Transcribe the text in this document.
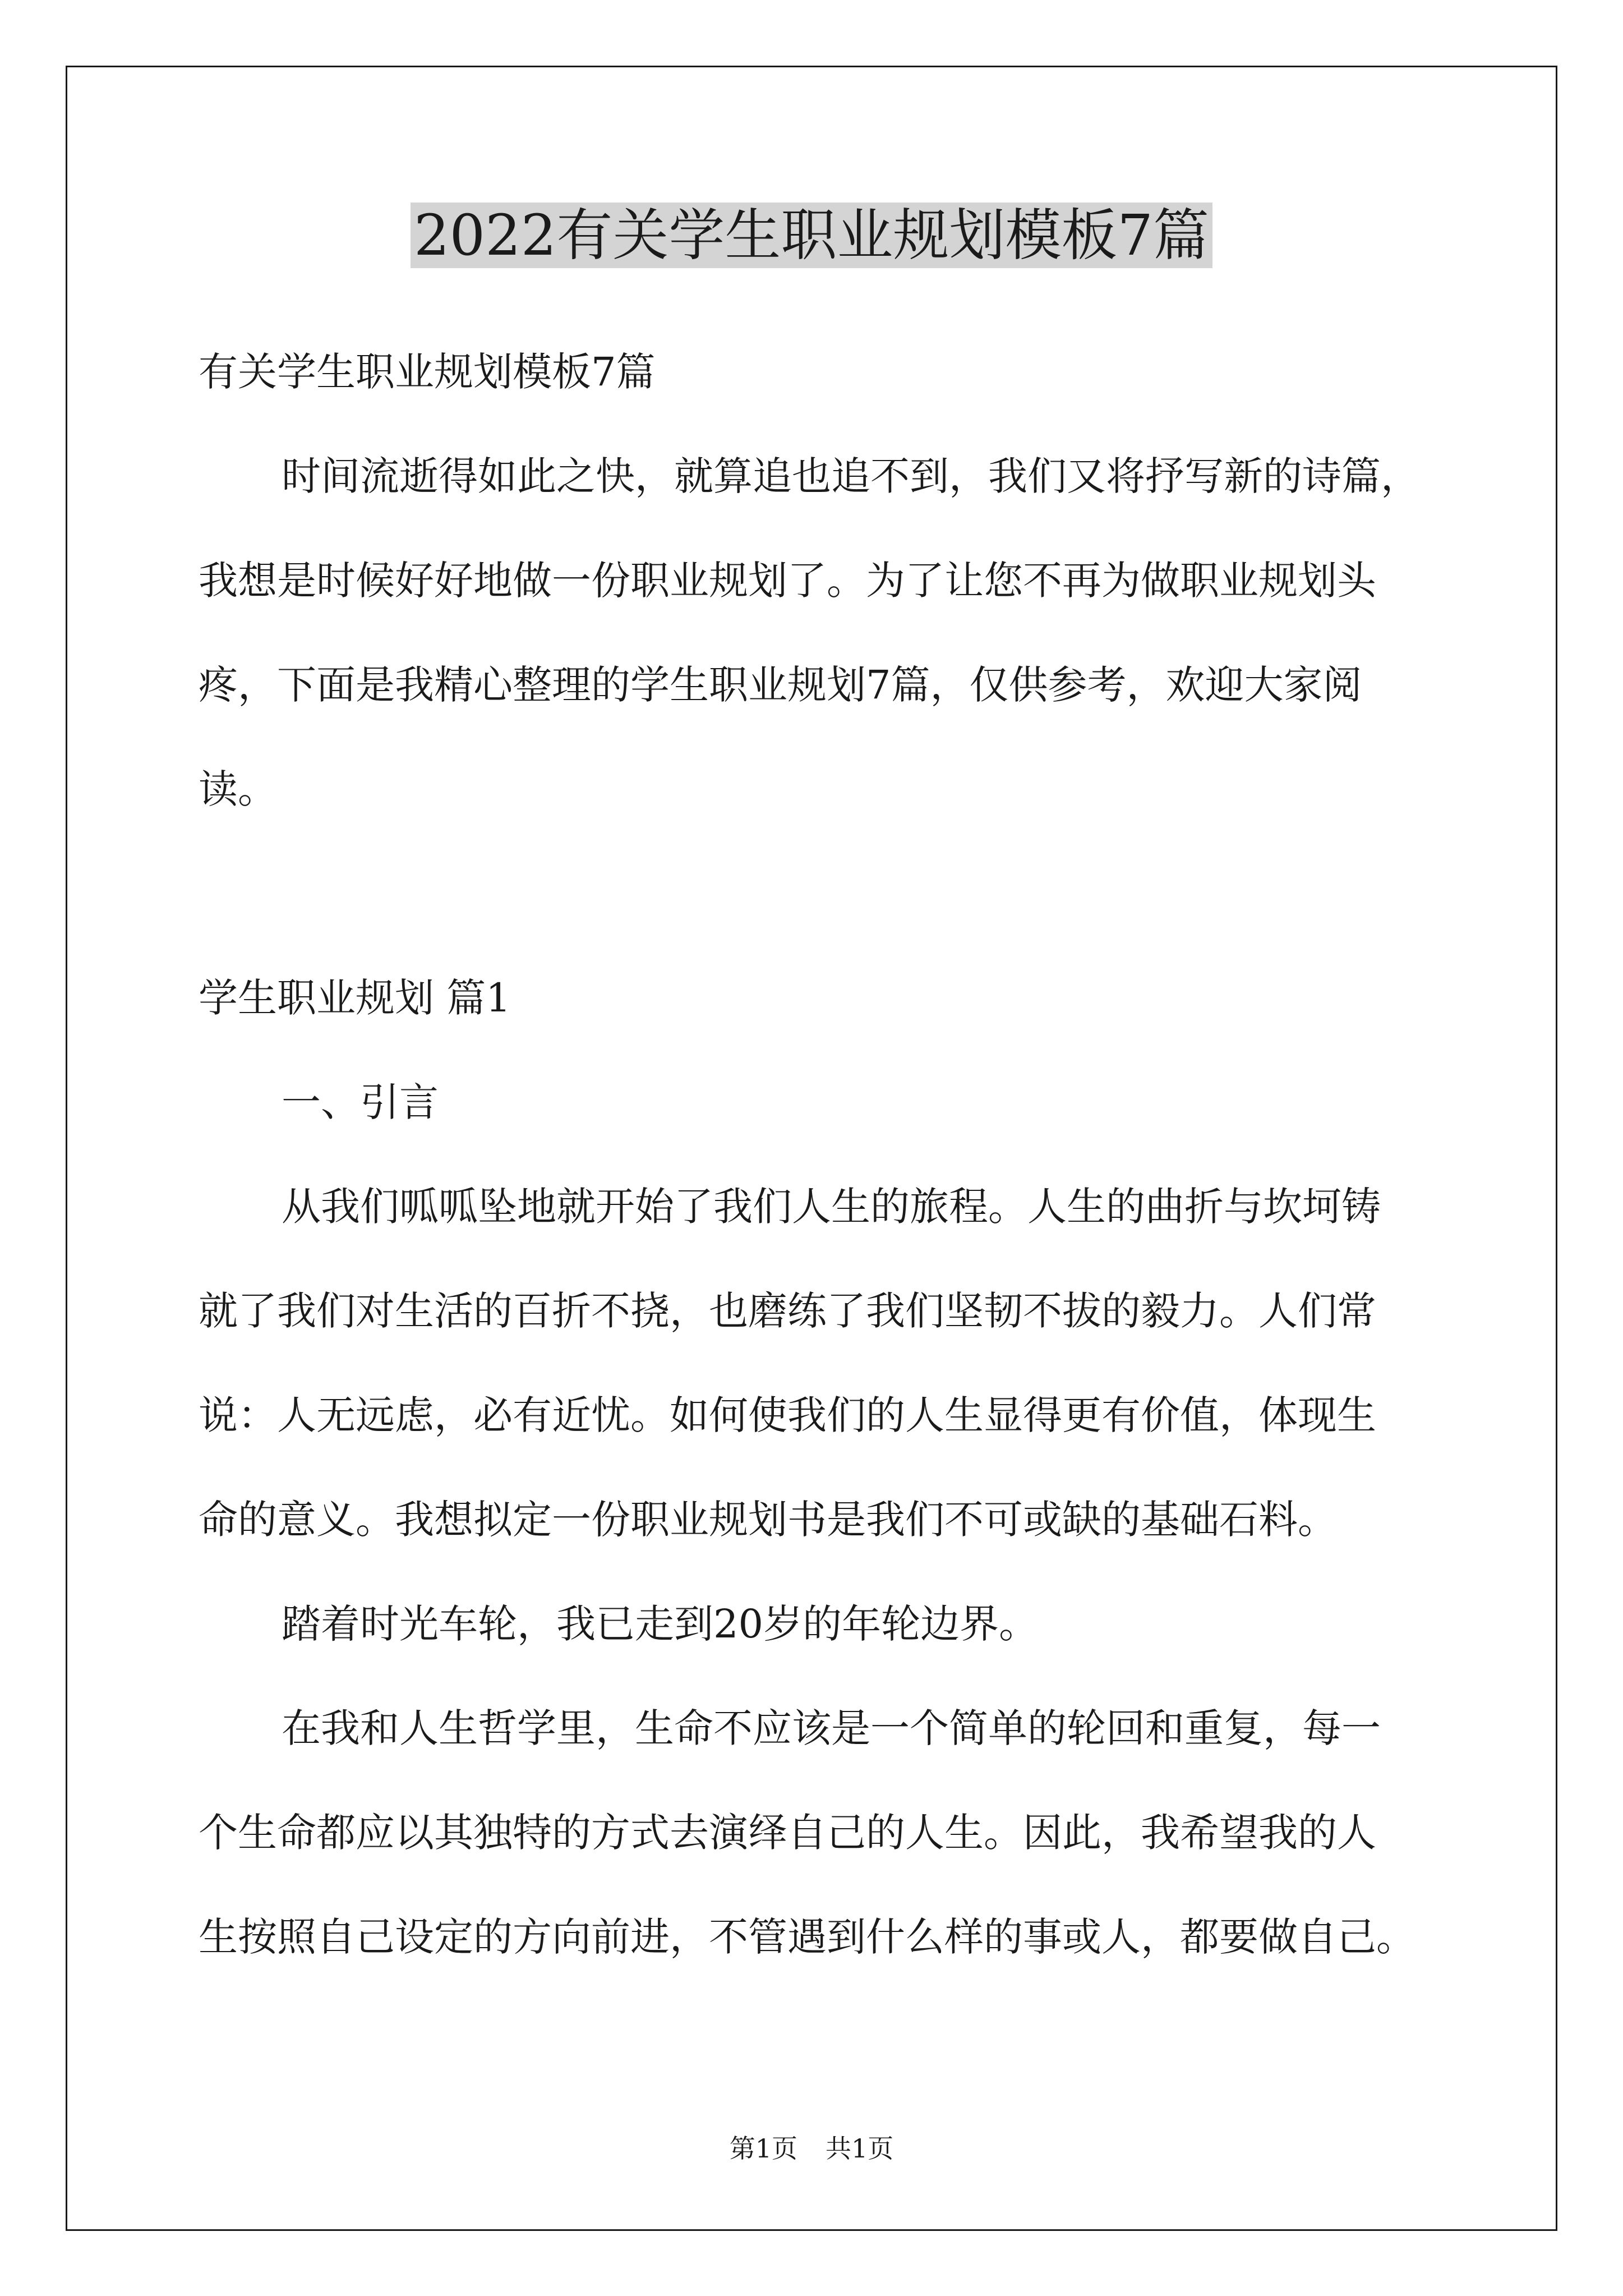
2022有关学生职业规划模板7篇

有关学生职业规划模板7篇

时间流逝得如此之快，就算追也追不到，我们又将抒写新的诗篇，

我想是时候好好地做一份职业规划了。为了让您不再为做职业规划头

疼，下面是我精心整理的学生职业规划7篇，仅供参考，欢迎大家阅

读。

学生职业规划 篇1

一、引言

从我们呱呱坠地就开始了我们人生的旅程。人生的曲折与坎坷铸

就了我们对生活的百折不挠，也磨练了我们坚韧不拔的毅力。人们常

说：人无远虑，必有近忧。如何使我们的人生显得更有价值，体现生

命的意义。我想拟定一份职业规划书是我们不可或缺的基础石料。

踏着时光车轮，我已走到20岁的年轮边界。

在我和人生哲学里，生命不应该是一个简单的轮回和重复，每一

个生命都应以其独特的方式去演绎自己的人生。因此，我希望我的人

生按照自己设定的方向前进，不管遇到什么样的事或人，都要做自己。

第1页 共1页
